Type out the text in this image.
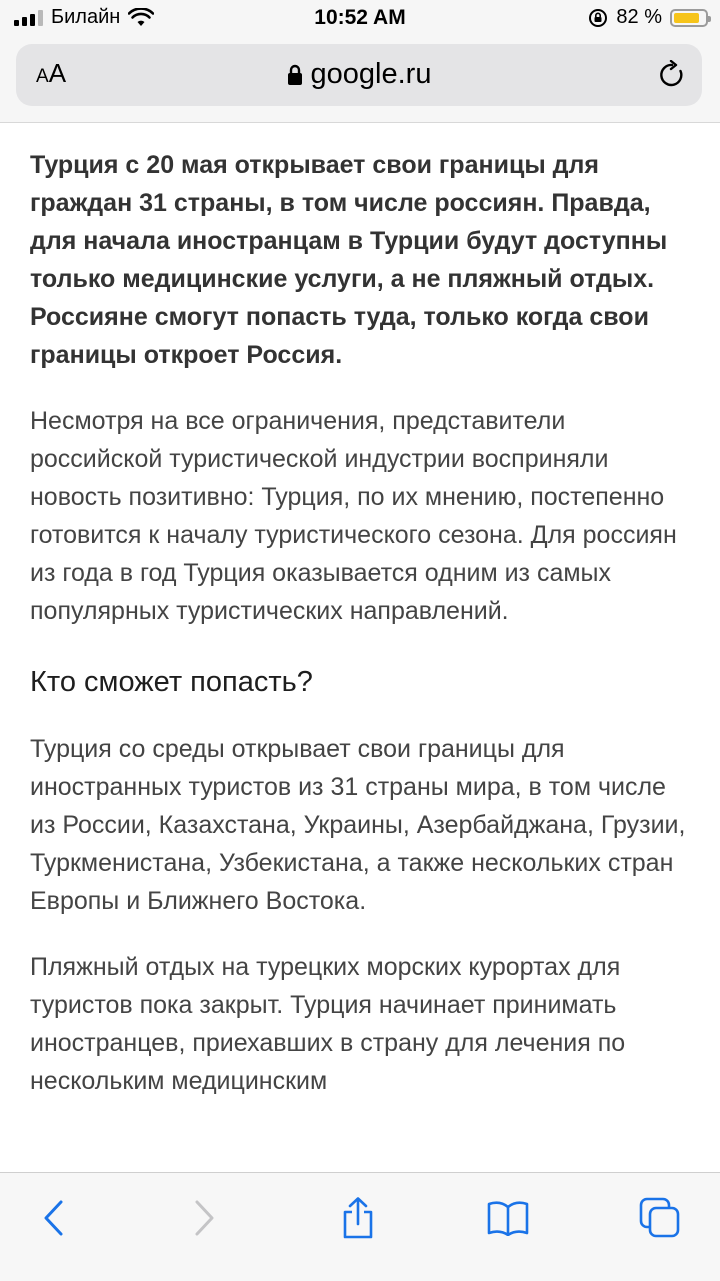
Билайн	10:52 AM	82 %
AA	google.ru

Турция с 20 мая открывает свои границы для граждан 31 страны, в том числе россиян. Правда, для начала иностранцам в Турции будут доступны только медицинские услуги, а не пляжный отдых. Россияне смогут попасть туда, только когда свои границы откроет Россия.

Несмотря на все ограничения, представители российской туристической индустрии восприняли новость позитивно: Турция, по их мнению, постепенно готовится к началу туристического сезона. Для россиян из года в год Турция оказывается одним из самых популярных туристических направлений.

Кто сможет попасть?

Турция со среды открывает свои границы для иностранных туристов из 31 страны мира, в том числе из России, Казахстана, Украины, Азербайджана, Грузии, Туркменистана, Узбекистана, а также нескольких стран Европы и Ближнего Востока.

Пляжный отдых на турецких морских курортах для туристов пока закрыт. Турция начинает принимать иностранцев, приехавших в страну для лечения по нескольким медицинским
